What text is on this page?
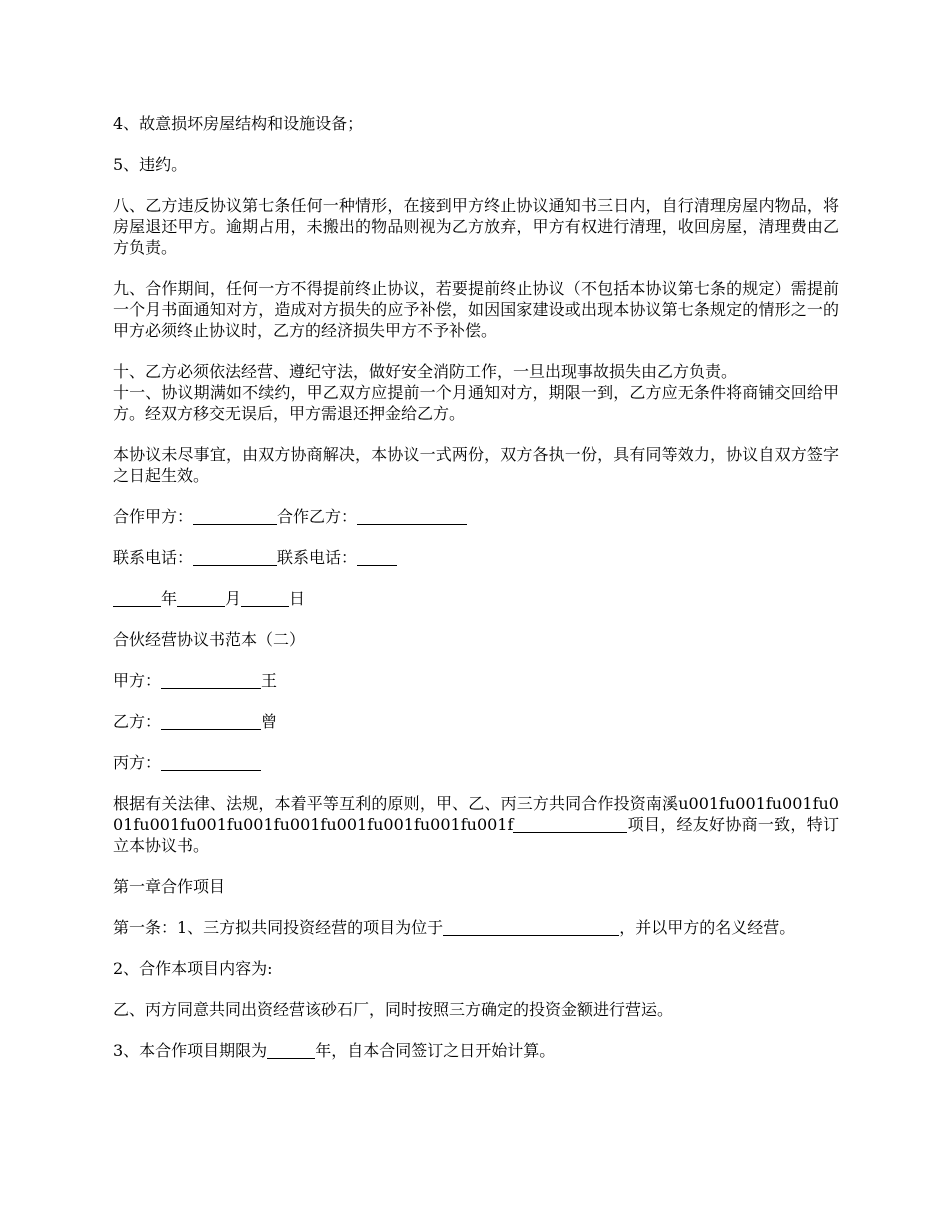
4、故意损坏房屋结构和设施设备；

5、违约。

八、乙方违反协议第七条任何一种情形，在接到甲方终止协议通知书三日内，自行清理房屋内物品，将房屋退还甲方。逾期占用，未搬出的物品则视为乙方放弃，甲方有权进行清理，收回房屋，清理费由乙方负责。

九、合作期间，任何一方不得提前终止协议，若要提前终止协议（不包括本协议第七条的规定）需提前一个月书面通知对方，造成对方损失的应予补偿，如因国家建设或出现本协议第七条规定的情形之一的甲方必须终止协议时，乙方的经济损失甲方不予补偿。

十、乙方必须依法经营、遵纪守法，做好安全消防工作，一旦出现事故损失由乙方负责。
十一、协议期满如不续约，甲乙双方应提前一个月通知对方，期限一到，乙方应无条件将商铺交回给甲方。经双方移交无误后，甲方需退还押金给乙方。

本协议未尽事宜，由双方协商解决，本协议一式两份，双方各执一份，具有同等效力，协议自双方签字之日起生效。

合作甲方：	合作乙方：

联系电话：	联系电话：

年	月	日

合伙经营协议书范本（二）

甲方：	王

乙方：	曾

丙方：

根据有关法律、法规，本着平等互利的原则，甲、乙、丙三方共同合作投资南溪u001fu001fu001fu001fu001fu001fu001fu001fu001fu001fu001fu001f	项目，经友好协商一致，特订立本协议书。

第一章合作项目

第一条：1、三方拟共同投资经营的项目为位于	，并以甲方的名义经营。

2、合作本项目内容为:

乙、丙方同意共同出资经营该砂石厂，同时按照三方确定的投资金额进行营运。

3、本合作项目期限为	年，自本合同签订之日开始计算。
